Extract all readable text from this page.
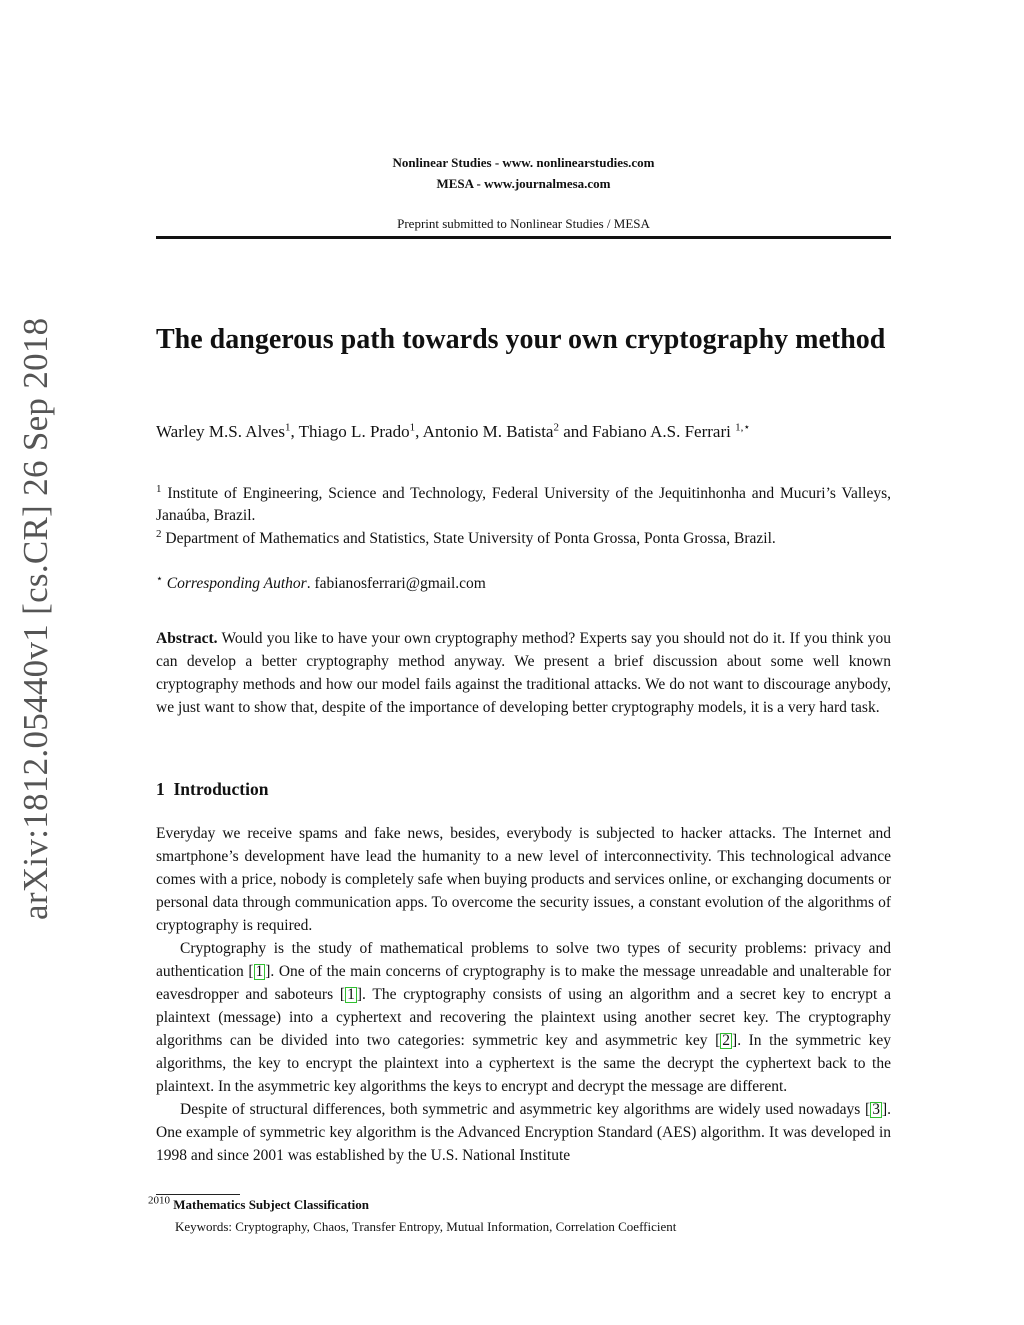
Nonlinear Studies - www. nonlinearstudies.com
MESA - www.journalmesa.com
Preprint submitted to Nonlinear Studies / MESA
arXiv:1812.05440v1 [cs.CR] 26 Sep 2018	The dangerous path towards your own cryptography method
Warley M.S. Alves$^1$, Thiago L. Prado$^1$, Antonio M. Batista$^2$ and Fabiano A.S. Ferrari $^{1,⋆}$
$^1$ Institute of Engineering, Science and Technology, Federal University of the Jequitinhonha and Mucuri’s Valleys, Janaúba, Brazil.
$^2$ Department of Mathematics and Statistics, State University of Ponta Grossa, Ponta Grossa, Brazil.
⋆ Corresponding Author. fabianosferrari@gmail.com
Abstract. Would you like to have your own cryptography method? Experts say you should not do it. If you think you can develop a better cryptography method anyway. We present a brief discussion about some well known cryptography methods and how our model fails against the traditional attacks. We do not want to discourage anybody, we just want to show that, despite of the importance of developing better cryptography models, it is a very hard task.
1 Introduction
Everyday we receive spams and fake news, besides, everybody is subjected to hacker attacks. The Internet and smartphone’s development have lead the humanity to a new level of interconnectivity. This technological advance comes with a price, nobody is completely safe when buying products and services online, or exchanging documents or personal data through communication apps. To overcome the security issues, a constant evolution of the algorithms of cryptography is required.
Cryptography is the study of mathematical problems to solve two types of security problems: privacy and authentication [ 1 ]. One of the main concerns of cryptography is to make the message unreadable and unalterable for eavesdropper and saboteurs [ 1 ]. The cryptography consists of using an algorithm and a secret key to encrypt a plaintext (message) into a cyphertext and recovering the plaintext using another secret key. The cryptography algorithms can be divided into two categories: symmetric key and asymmetric key [ 2 ]. In the symmetric key algorithms, the key to encrypt the plaintext into a cyphertext is the same the decrypt the cyphertext back to the plaintext. In the asymmetric key algorithms the keys to encrypt and decrypt the message are different.
Despite of structural differences, both symmetric and asymmetric key algorithms are widely used nowadays [ 3 ]. One example of symmetric key algorithm is the Advanced Encryption Standard (AES) algorithm. It was developed in 1998 and since 2001 was established by the U.S. National Institute
$^{2010}$ Mathematics Subject Classification
Keywords: Cryptography, Chaos, Transfer Entropy, Mutual Information, Correlation Coefficient
